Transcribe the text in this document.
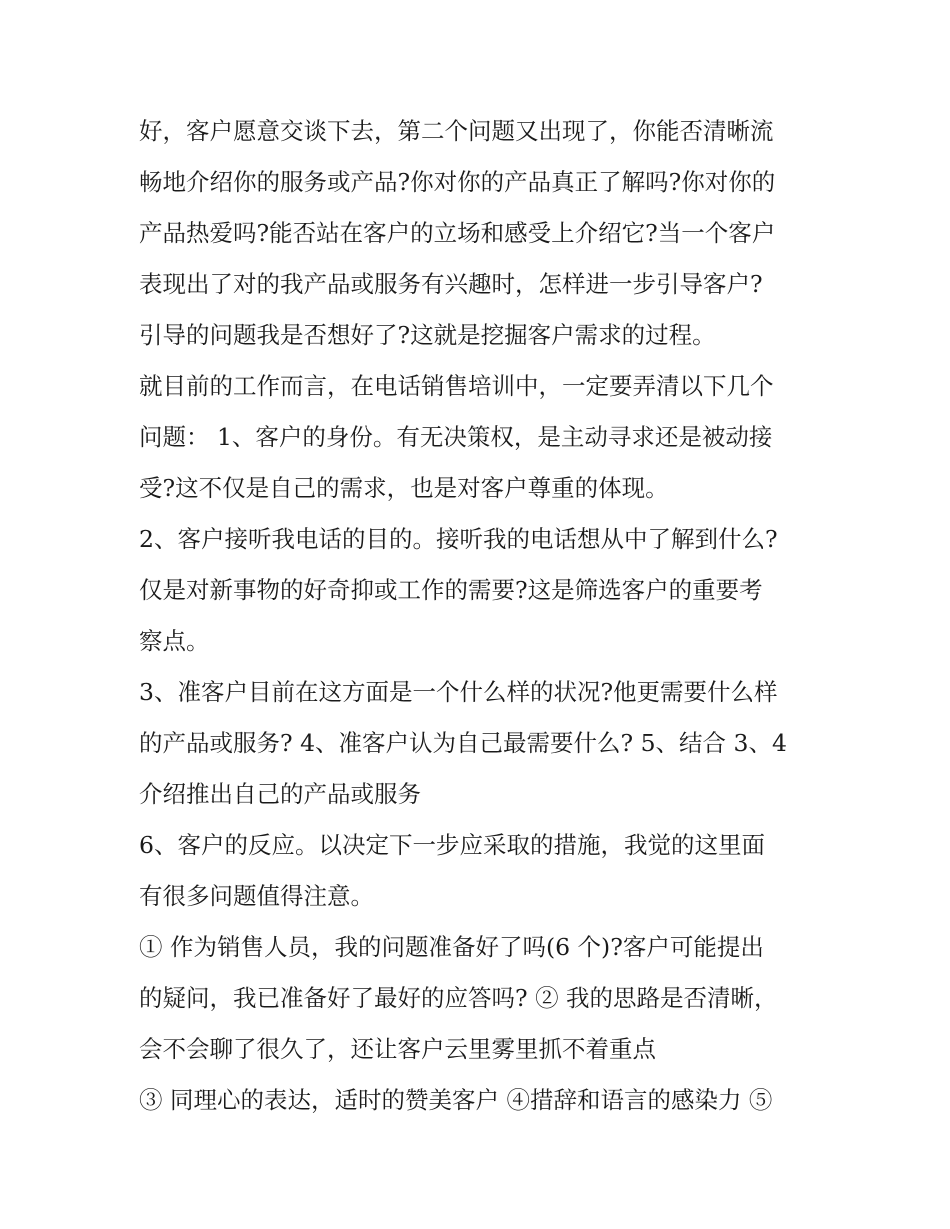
好，客户愿意交谈下去，第二个问题又出现了，你能否清晰流
畅地介绍你的服务或产品?你对你的产品真正了解吗?你对你的
产品热爱吗?能否站在客户的立场和感受上介绍它?当一个客户
表现出了对的我产品或服务有兴趣时，怎样进一步引导客户?
引导的问题我是否想好了?这就是挖掘客户需求的过程。
就目前的工作而言，在电话销售培训中，一定要弄清以下几个
问题： 1、客户的身份。有无决策权，是主动寻求还是被动接
受?这不仅是自己的需求，也是对客户尊重的体现。
2、客户接听我电话的目的。接听我的电话想从中了解到什么?
仅是对新事物的好奇抑或工作的需要?这是筛选客户的重要考
察点。
3、准客户目前在这方面是一个什么样的状况?他更需要什么样
的产品或服务? 4、准客户认为自己最需要什么? 5、结合 3、4
介绍推出自己的产品或服务
6、客户的反应。以决定下一步应采取的措施，我觉的这里面
有很多问题值得注意。
① 作为销售人员，我的问题准备好了吗(6 个)?客户可能提出
的疑问，我已准备好了最好的应答吗? ② 我的思路是否清晰，
会不会聊了很久了，还让客户云里雾里抓不着重点
③ 同理心的表达，适时的赞美客户 ④措辞和语言的感染力 ⑤
